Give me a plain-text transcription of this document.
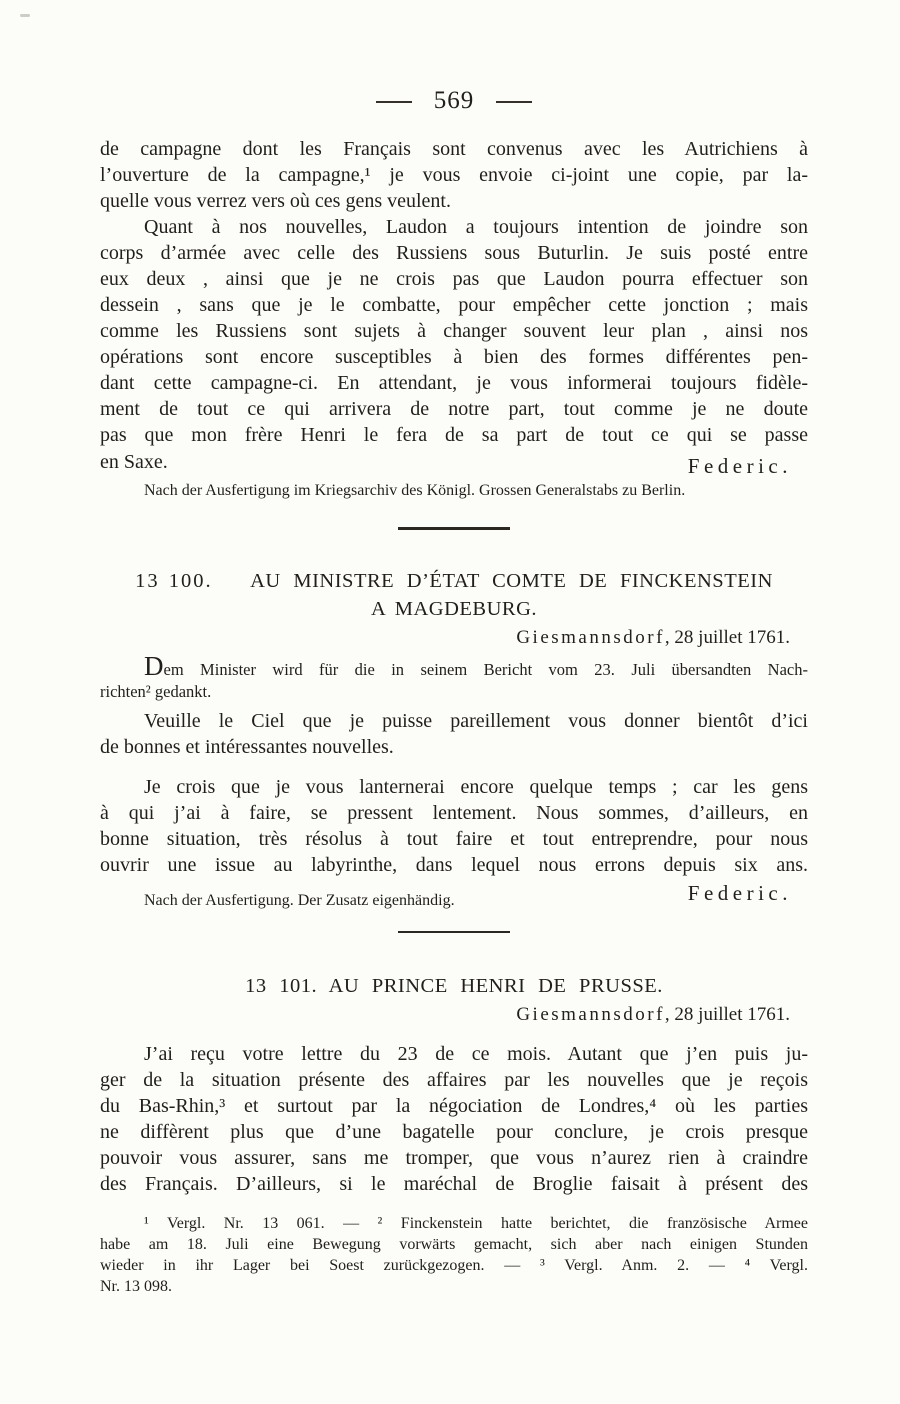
569
de campagne dont les Français sont convenus avec les Autrichiens à
l’ouverture de la campagne,¹ je vous envoie ci-joint une copie, par la-
quelle vous verrez vers où ces gens veulent.
Quant à nos nouvelles, Laudon a toujours intention de joindre son
corps d’armée avec celle des Russiens sous Buturlin. Je suis posté entre
eux deux , ainsi que je ne crois pas que Laudon pourra effectuer son
dessein , sans que je le combatte, pour empêcher cette jonction ; mais
comme les Russiens sont sujets à changer souvent leur plan , ainsi nos
opérations sont encore susceptibles à bien des formes différentes pen-
dant cette campagne-ci. En attendant, je vous informerai toujours fidèle-
ment de tout ce qui arrivera de notre part, tout comme je ne doute
pas que mon frère Henri le fera de sa part de tout ce qui se passe
en Saxe.	Federic.
Nach der Ausfertigung im Kriegsarchiv des Königl. Grossen Generalstabs zu Berlin.
13 100. AU MINISTRE D’ÉTAT COMTE DE FINCKENSTEIN
A MAGDEBURG.
Giesmannsdorf, 28 juillet 1761.
Dem Minister wird für die in seinem Bericht vom 23. Juli übersandten Nach-
richten² gedankt.
Veuille le Ciel que je puisse pareillement vous donner bientôt d’ici
de bonnes et intéressantes nouvelles.
Je crois que je vous lanternerai encore quelque temps ; car les gens
à qui j’ai à faire, se pressent lentement. Nous sommes, d’ailleurs, en
bonne situation, très résolus à tout faire et tout entreprendre, pour nous
ouvrir une issue au labyrinthe, dans lequel nous errons depuis six ans.
Nach der Ausfertigung. Der Zusatz eigenhändig.	Federic.
13 101. AU PRINCE HENRI DE PRUSSE.
Giesmannsdorf, 28 juillet 1761.
J’ai reçu votre lettre du 23 de ce mois. Autant que j’en puis ju-
ger de la situation présente des affaires par les nouvelles que je reçois
du Bas-Rhin,³ et surtout par la négociation de Londres,⁴ où les parties
ne diffèrent plus que d’une bagatelle pour conclure, je crois presque
pouvoir vous assurer, sans me tromper, que vous n’aurez rien à craindre
des Français. D’ailleurs, si le maréchal de Broglie faisait à présent des
¹ Vergl. Nr. 13 061. — ² Finckenstein hatte berichtet, die französische Armee
habe am 18. Juli eine Bewegung vorwärts gemacht, sich aber nach einigen Stunden
wieder in ihr Lager bei Soest zurückgezogen. — ³ Vergl. Anm. 2. — ⁴ Vergl.
Nr. 13 098.
